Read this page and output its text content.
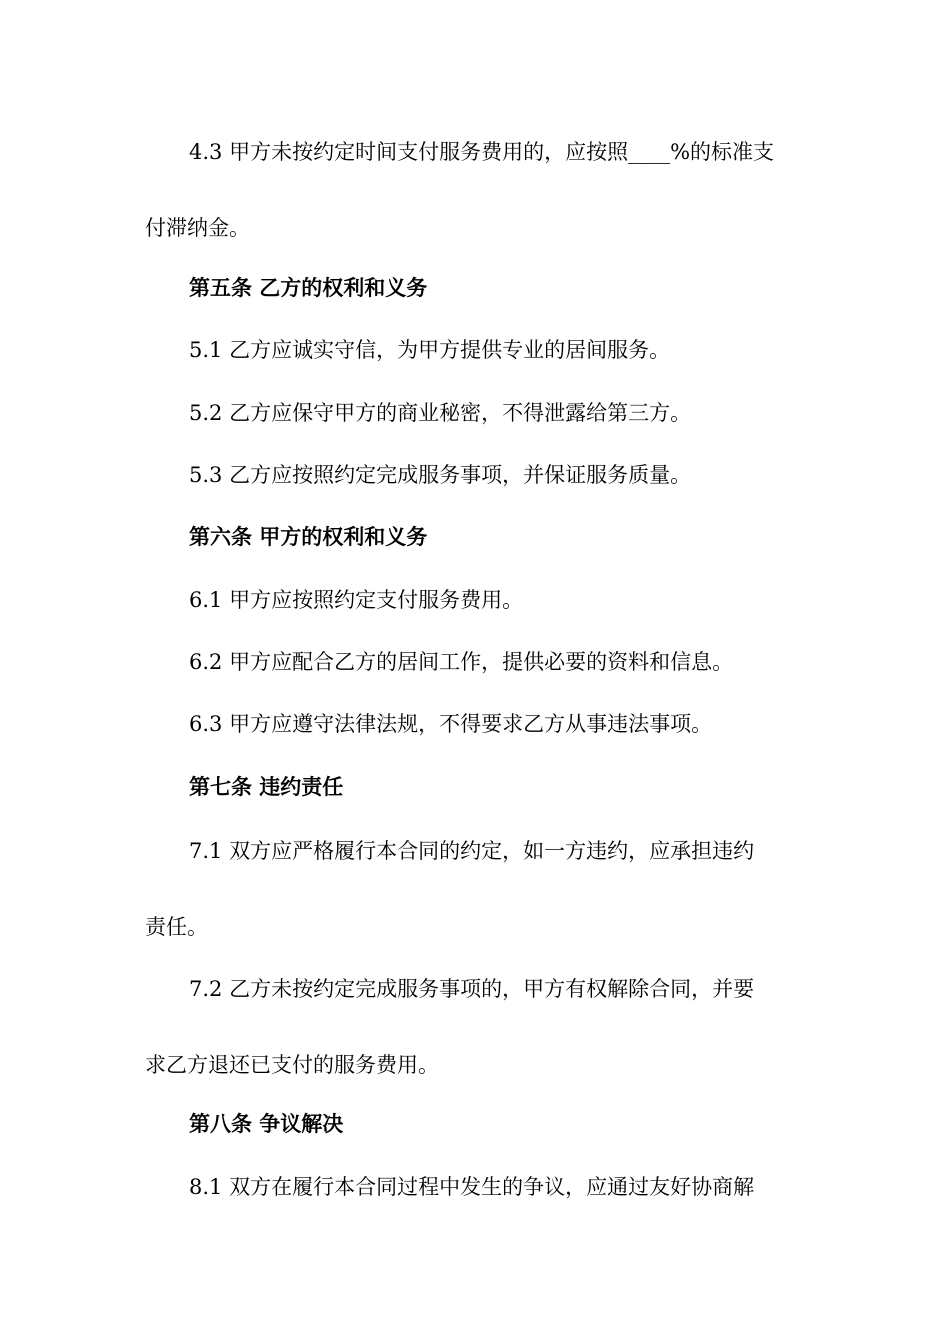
4.3 甲方未按约定时间支付服务费用的，应按照____%的标准支
付滞纳金。
第五条 乙方的权利和义务
5.1 乙方应诚实守信，为甲方提供专业的居间服务。
5.2 乙方应保守甲方的商业秘密，不得泄露给第三方。
5.3 乙方应按照约定完成服务事项，并保证服务质量。
第六条 甲方的权利和义务
6.1 甲方应按照约定支付服务费用。
6.2 甲方应配合乙方的居间工作，提供必要的资料和信息。
6.3 甲方应遵守法律法规，不得要求乙方从事违法事项。
第七条 违约责任
7.1 双方应严格履行本合同的约定，如一方违约，应承担违约
责任。
7.2 乙方未按约定完成服务事项的，甲方有权解除合同，并要
求乙方退还已支付的服务费用。
第八条 争议解决
8.1 双方在履行本合同过程中发生的争议，应通过友好协商解
